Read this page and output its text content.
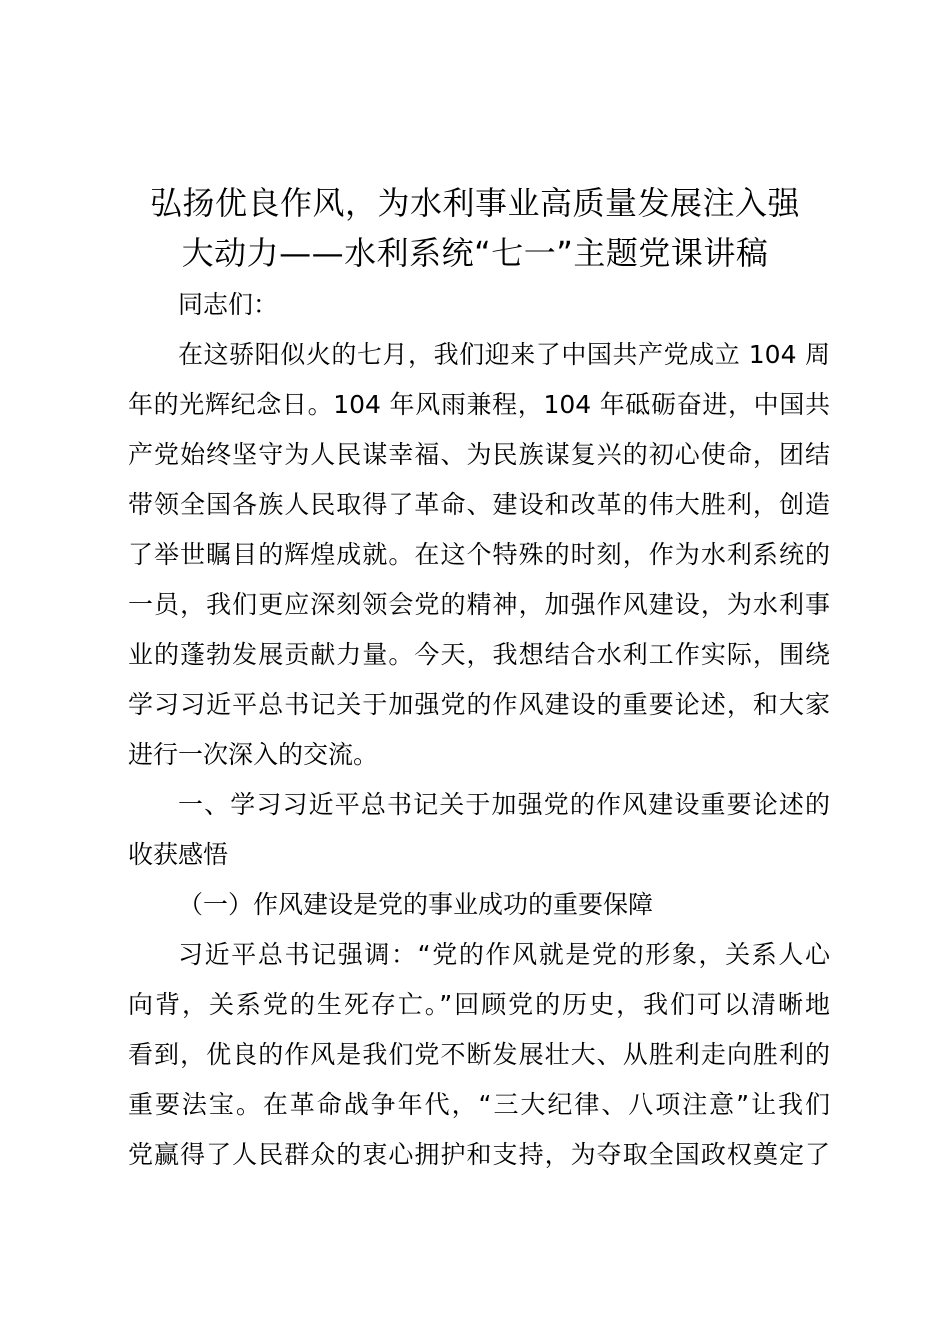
弘扬优良作风，为水利事业高质量发展注入强
大动力——水利系统“七一”主题党课讲稿
同志们：
在这骄阳似火的七月，我们迎来了中国共产党成立 104 周
年的光辉纪念日。104 年风雨兼程，104 年砥砺奋进，中国共
产党始终坚守为人民谋幸福、为民族谋复兴的初心使命，团结
带领全国各族人民取得了革命、建设和改革的伟大胜利，创造
了举世瞩目的辉煌成就。在这个特殊的时刻，作为水利系统的
一员，我们更应深刻领会党的精神，加强作风建设，为水利事
业的蓬勃发展贡献力量。今天，我想结合水利工作实际，围绕
学习习近平总书记关于加强党的作风建设的重要论述，和大家
进行一次深入的交流。
一、学习习近平总书记关于加强党的作风建设重要论述的
收获感悟
（一）作风建设是党的事业成功的重要保障
习近平总书记强调：“党的作风就是党的形象，关系人心
向背，关系党的生死存亡。”回顾党的历史，我们可以清晰地
看到，优良的作风是我们党不断发展壮大、从胜利走向胜利的
重要法宝。在革命战争年代，“三大纪律、八项注意”让我们
党赢得了人民群众的衷心拥护和支持，为夺取全国政权奠定了
